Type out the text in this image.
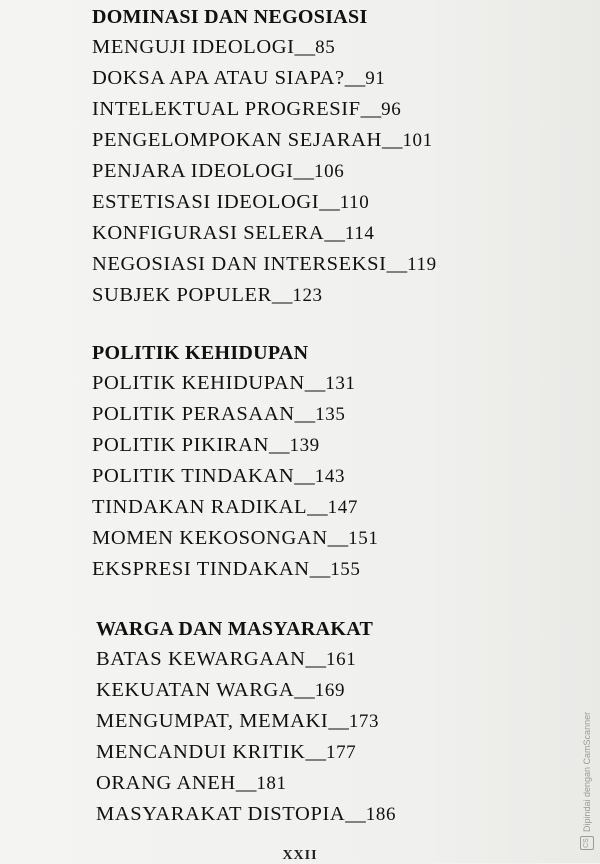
DOMINASI DAN NEGOSIASI
MENGUJI IDEOLOGI__85
DOKSA APA ATAU SIAPA?__91
INTELEKTUAL PROGRESIF__96
PENGELOMPOKAN SEJARAH__101
PENJARA IDEOLOGI__106
ESTETISASI IDEOLOGI__110
KONFIGURASI SELERA__114
NEGOSIASI DAN INTERSEKSI__119
SUBJEK POPULER__123
POLITIK KEHIDUPAN
POLITIK KEHIDUPAN__131
POLITIK PERASAAN__135
POLITIK PIKIRAN__139
POLITIK TINDAKAN__143
TINDAKAN RADIKAL__147
MOMEN KEKOSONGAN__151
EKSPRESI TINDAKAN__155
WARGA DAN MASYARAKAT
BATAS KEWARGAAN__161
KEKUATAN WARGA__169
MENGUMPAT, MEMAKI__173
MENCANDUI KRITIK__177
ORANG ANEH__181
MASYARAKAT DISTOPIA__186
XXII
CS
Dipindai dengan CamScanner
